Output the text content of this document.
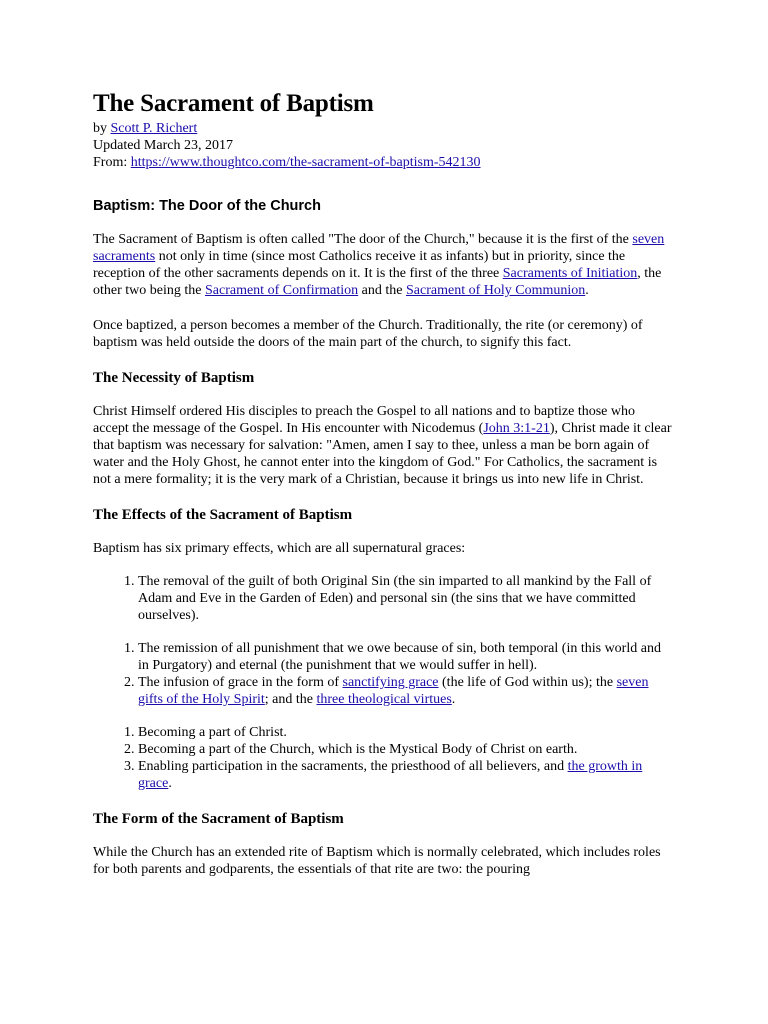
The Sacrament of Baptism

by Scott P. Richert

Updated March 23, 2017

From: https://www.thoughtco.com/the-sacrament-of-baptism-542130

Baptism: The Door of the Church

The Sacrament of Baptism is often called "The door of the Church," because it is the first of the seven sacraments not only in time (since most Catholics receive it as infants) but in priority, since the reception of the other sacraments depends on it. It is the first of the three Sacraments of Initiation, the other two being the Sacrament of Confirmation and the Sacrament of Holy Communion.

Once baptized, a person becomes a member of the Church. Traditionally, the rite (or ceremony) of baptism was held outside the doors of the main part of the church, to signify this fact.

The Necessity of Baptism

Christ Himself ordered His disciples to preach the Gospel to all nations and to baptize those who accept the message of the Gospel. In His encounter with Nicodemus (John 3:1-21), Christ made it clear that baptism was necessary for salvation: "Amen, amen I say to thee, unless a man be born again of water and the Holy Ghost, he cannot enter into the kingdom of God." For Catholics, the sacrament is not a mere formality; it is the very mark of a Christian, because it brings us into new life in Christ.

The Effects of the Sacrament of Baptism

Baptism has six primary effects, which are all supernatural graces:

1. The removal of the guilt of both Original Sin (the sin imparted to all mankind by the Fall of Adam and Eve in the Garden of Eden) and personal sin (the sins that we have committed ourselves).
1. The remission of all punishment that we owe because of sin, both temporal (in this world and in Purgatory) and eternal (the punishment that we would suffer in hell).
2. The infusion of grace in the form of sanctifying grace (the life of God within us); the seven gifts of the Holy Spirit; and the three theological virtues.
1. Becoming a part of Christ.
2. Becoming a part of the Church, which is the Mystical Body of Christ on earth.
3. Enabling participation in the sacraments, the priesthood of all believers, and the growth in grace.
The Form of the Sacrament of Baptism

While the Church has an extended rite of Baptism which is normally celebrated, which includes roles for both parents and godparents, the essentials of that rite are two: the pouring
